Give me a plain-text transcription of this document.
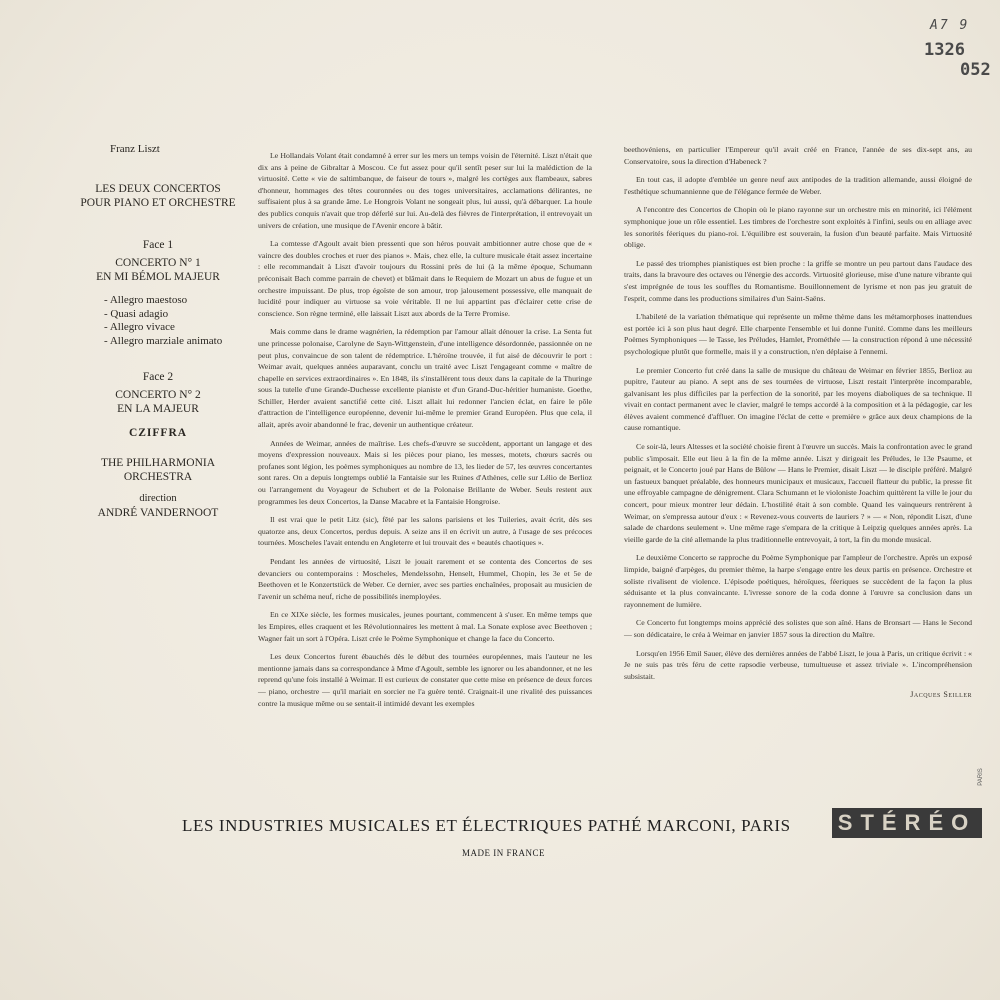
A7 9
1326
052

Franz Liszt

LES DEUX CONCERTOS

POUR PIANO ET ORCHESTRE

Face 1

CONCERTO N° 1

EN MI BÉMOL MAJEUR

- Allegro maestoso
- Quasi adagio
- Allegro vivace
- Allegro marziale animato

Face 2

CONCERTO N° 2

EN LA MAJEUR

CZIFFRA

THE PHILHARMONIA

ORCHESTRA

direction

ANDRÉ VANDERNOOT

Le Hollandais Volant était condamné à errer sur les mers un temps voisin de l'éternité. Liszt n'était que dix ans à peine de Gibraltar à Moscou. Ce fut assez pour qu'il sentît peser sur lui la malédiction de la virtuosité. Cette « vie de saltimbanque, de faiseur de tours », malgré les cortèges aux flambeaux, sabres d'honneur, hommages des têtes couronnées ou des toges universitaires, acclamations délirantes, ne suffisaient plus à sa grande âme. Le Hongrois Volant ne songeait plus, lui aussi, qu'à débarquer. La houle des publics conquis n'avait que trop déferlé sur lui. Au-delà des fièvres de l'interprétation, il entrevoyait un univers de création, une musique de l'Avenir encore à bâtir.

La comtesse d'Agoult avait bien pressenti que son héros pouvait ambitionner autre chose que de « vaincre des doubles croches et ruer des pianos ». Mais, chez elle, la culture musicale était assez incertaine : elle recommandait à Liszt d'avoir toujours du Rossini près de lui (à la même époque, Schumann préconisait Bach comme parrain de chevet) et blâmait dans le Requiem de Mozart un abus de fugue et un orchestre impuissant. De plus, trop égoïste de son amour, trop jalousement possessive, elle manquait de lucidité pour indiquer au virtuose sa voie véritable. Il ne lui appartint pas d'éclairer cette crise de conscience. Son règne terminé, elle laissait Liszt aux abords de la Terre Promise.

Mais comme dans le drame wagnérien, la rédemption par l'amour allait dénouer la crise. La Senta fut une princesse polonaise, Carolyne de Sayn-Wittgenstein, d'une intelligence désordonnée, passionnée on ne peut plus, convaincue de son talent de rédemptrice. L'héroïne trouvée, il fut aisé de découvrir le port : Weimar avait, quelques années auparavant, conclu un traité avec Liszt l'engageant comme « maître de chapelle en services extraordinaires ». En 1848, ils s'installèrent tous deux dans la capitale de la Thuringe sous la tutelle d'une Grande-Duchesse excellente pianiste et d'un Grand-Duc-héritier humaniste. Goethe, Schiller, Herder avaient sanctifié cette cité. Liszt allait lui redonner l'ancien éclat, en faire le pôle d'attraction de l'intelligence européenne, devenir lui-même le premier Grand Européen. Plus que cela, il allait, après avoir abandonné le frac, devenir un authentique créateur.

Années de Weimar, années de maîtrise. Les chefs-d'œuvre se succèdent, apportant un langage et des moyens d'expression nouveaux. Mais si les pièces pour piano, les messes, motets, chœurs sacrés ou profanes sont légion, les poèmes symphoniques au nombre de 13, les lieder de 57, les œuvres concertantes sont rares. On a depuis longtemps oublié la Fantaisie sur les Ruines d'Athènes, celle sur Lélio de Berlioz ou l'arrangement du Voyageur de Schubert et de la Polonaise Brillante de Weber. Seuls restent aux programmes les deux Concertos, la Danse Macabre et la Fantaisie Hongroise.

Il est vrai que le petit Litz (sic), fêté par les salons parisiens et les Tuileries, avait écrit, dès ses quatorze ans, deux Concertos, perdus depuis. A seize ans il en écrivit un autre, à l'usage de ses précoces tournées. Moscheles l'avait entendu en Angleterre et lui trouvait des « beautés chaotiques ».

Pendant les années de virtuosité, Liszt le jouait rarement et se contenta des Concertos de ses devanciers ou contemporains : Moscheles, Mendelssohn, Henselt, Hummel, Chopin, les 3e et 5e de Beethoven et le Konzertstück de Weber. Ce dernier, avec ses parties enchaînées, proposait au musicien de l'avenir un schéma neuf, riche de possibilités inemployées.

En ce XIXe siècle, les formes musicales, jeunes pourtant, commencent à s'user. En même temps que les Empires, elles craquent et les Révolutionnaires les mettent à mal. La Sonate explose avec Beethoven ; Wagner fait un sort à l'Opéra. Liszt crée le Poème Symphonique et change la face du Concerto.

Les deux Concertos furent ébauchés dès le début des tournées européennes, mais l'auteur ne les mentionne jamais dans sa correspondance à Mme d'Agoult, semble les ignorer ou les abandonner, et ne les reprend qu'une fois installé à Weimar. Il est curieux de constater que cette mise en présence de deux forces — piano, orchestre — qu'il mariait en sorcier ne l'a guère tenté. Craignait-il une rivalité des puissances contre la musique même ou se sentait-il intimidé devant les exemples

beethovéniens, en particulier l'Empereur qu'il avait créé en France, l'année de ses dix-sept ans, au Conservatoire, sous la direction d'Habeneck ?

En tout cas, il adopte d'emblée un genre neuf aux antipodes de la tradition allemande, aussi éloigné de l'esthétique schumannienne que de l'élégance fermée de Weber.

A l'encontre des Concertos de Chopin où le piano rayonne sur un orchestre mis en minorité, ici l'élément symphonique joue un rôle essentiel. Les timbres de l'orchestre sont exploités à l'infini, seuls ou en alliage avec les sonorités féeriques du piano-roi. L'équilibre est souverain, la fusion d'un beauté parfaite. Mais Virtuosité oblige.

Le passé des triomphes pianistiques est bien proche : la griffe se montre un peu partout dans l'audace des traits, dans la bravoure des octaves ou l'énergie des accords. Virtuosité glorieuse, mise d'une nature vibrante qui s'est imprégnée de tous les souffles du Romantisme. Bouillonnement de lyrisme et non pas jeu gratuit de l'esprit, comme dans les productions similaires d'un Saint-Saëns.

L'habileté de la variation thématique qui représente un même thème dans les métamorphoses inattendues est portée ici à son plus haut degré. Elle charpente l'ensemble et lui donne l'unité. Comme dans les meilleurs Poèmes Symphoniques — le Tasse, les Préludes, Hamlet, Prométhée — la construction répond à une nécessité psychologique plutôt que formelle, mais il y a construction, n'en déplaise à l'ennemi.

Le premier Concerto fut créé dans la salle de musique du château de Weimar en février 1855, Berlioz au pupitre, l'auteur au piano. A sept ans de ses tournées de virtuose, Liszt restait l'interprète incomparable, galvanisant les plus difficiles par la perfection de la sonorité, par les moyens diaboliques de sa technique. Il vivait en contact permanent avec le clavier, malgré le temps accordé à la composition et à la pédagogie, car les élèves avaient commencé d'affluer. On imagine l'éclat de cette « première » grâce aux deux champions de la cause romantique.

Ce soir-là, leurs Altesses et la société choisie firent à l'œuvre un succès. Mais la confrontation avec le grand public s'imposait. Elle eut lieu à la fin de la même année. Liszt y dirigeait les Préludes, le 13e Psaume, et peignait, et le Concerto joué par Hans de Bülow — Hans le Premier, disait Liszt — le disciple préféré. Malgré un fastueux banquet préalable, des honneurs municipaux et musicaux, l'accueil flatteur du public, la presse fit une effroyable campagne de dénigrement. Clara Schumann et le violoniste Joachim quittèrent la ville le jour du concert, pour mieux montrer leur dédain. L'hostilité était à son comble. Quand les vainqueurs rentrèrent à Weimar, on s'empressa autour d'eux : « Revenez-vous couverts de lauriers ? » — « Non, répondit Liszt, d'une salade de chardons seulement ». Une même rage s'empara de la critique à Leipzig quelques années après. La vieille garde de la cité allemande la plus traditionnelle entrevoyait, à tort, la fin du monde musical.

Le deuxième Concerto se rapproche du Poème Symphonique par l'ampleur de l'orchestre. Après un exposé limpide, baigné d'arpèges, du premier thème, la harpe s'engage entre les deux partis en présence. Orchestre et soliste rivalisent de violence. L'épisode poétiques, héroïques, féeriques se succèdent de la façon la plus séduisante et la plus convaincante. L'ivresse sonore de la coda donne à l'œuvre sa conclusion dans un rayonnement de lumière.

Ce Concerto fut longtemps moins apprécié des solistes que son aîné. Hans de Bronsart — Hans le Second — son dédicataire, le créa à Weimar en janvier 1857 sous la direction du Maître.

Lorsqu'en 1956 Emil Sauer, élève des dernières années de l'abbé Liszt, le joua à Paris, un critique écrivit : « Je ne suis pas très féru de cette rapsodie verbeuse, tumultueuse et assez triviale ». L'incompréhension subsistait.

Jacques Seiller
PARIS
LES INDUSTRIES MUSICALES ET ÉLECTRIQUES PATHÉ MARCONI, PARIS STÉRÉO
MADE IN FRANCE
